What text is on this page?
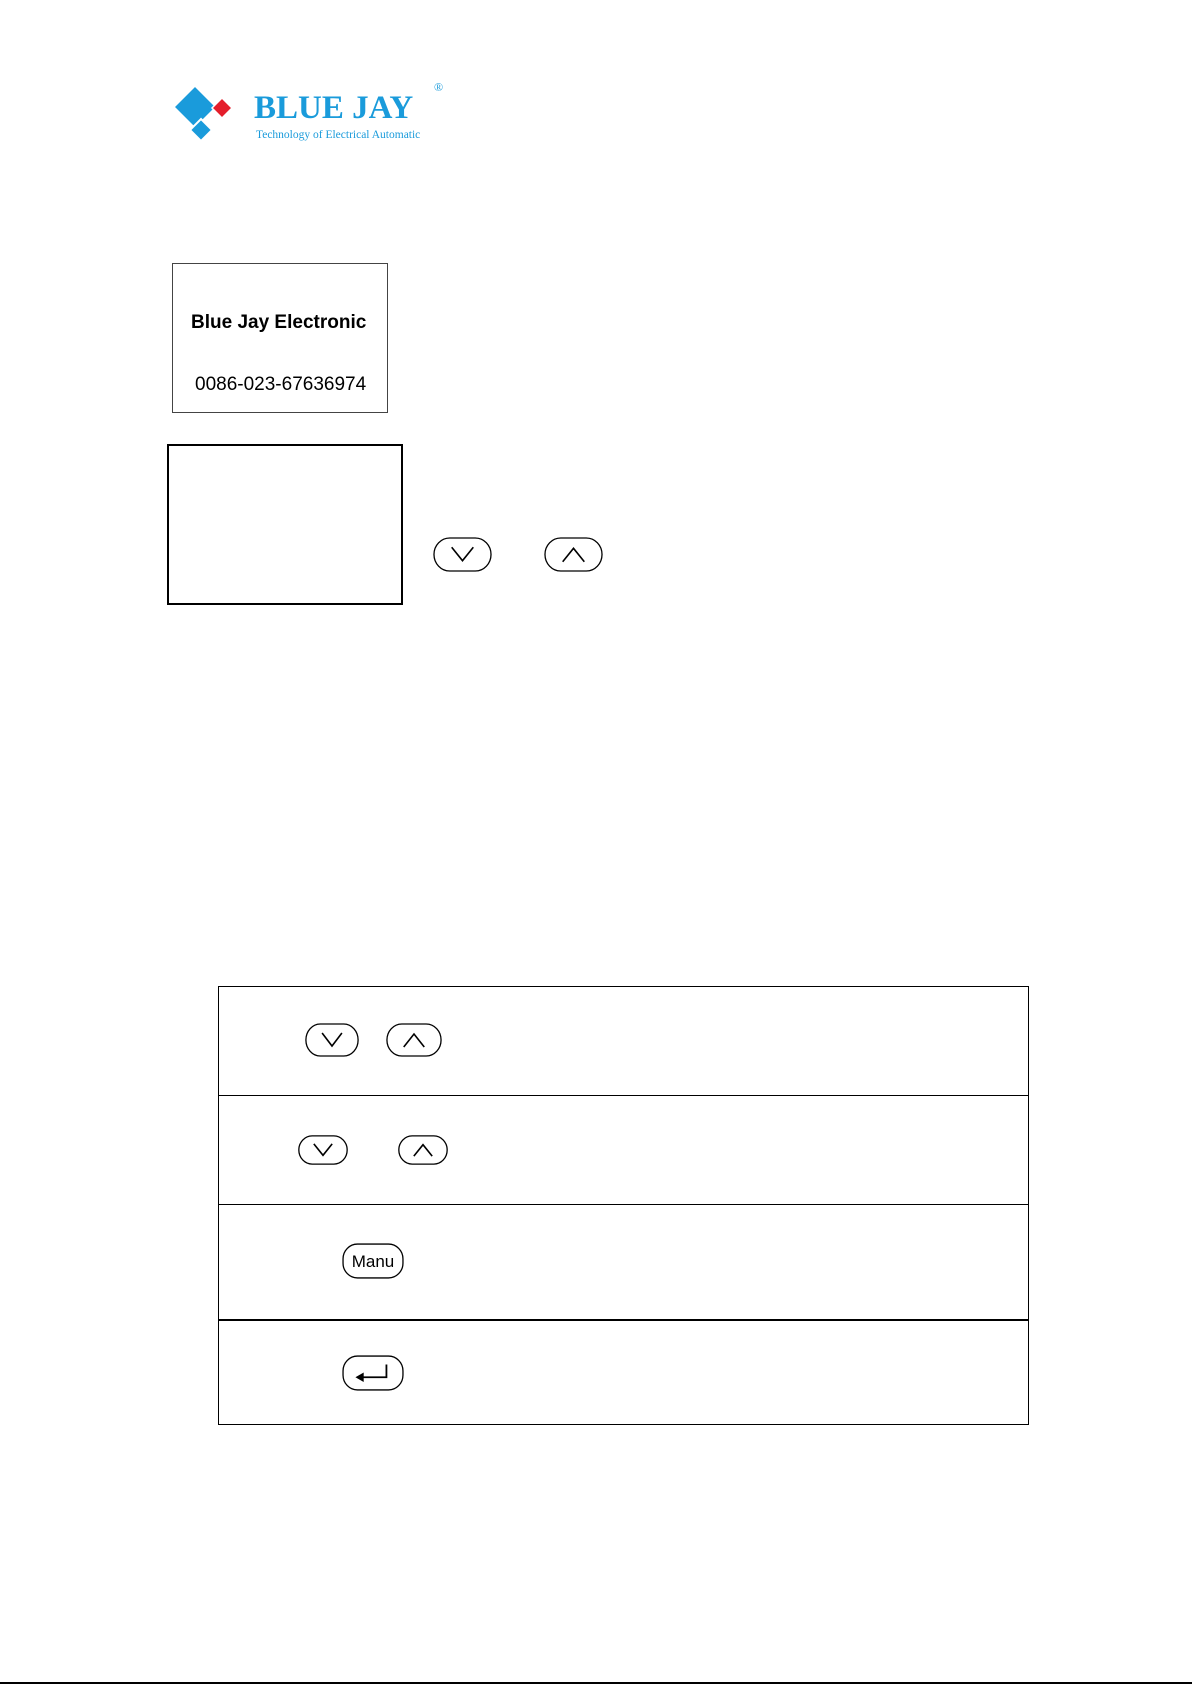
BLUE JAY
®
Technology of Electrical Automatic
Blue Jay Electronic
0086-023-67636974
Manu
